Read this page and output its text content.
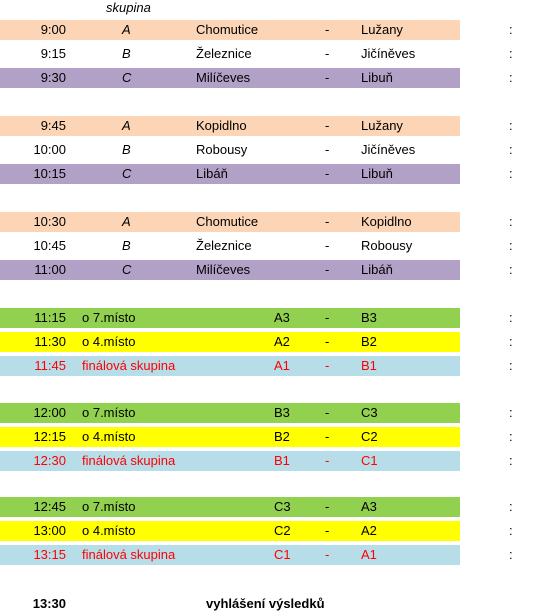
skupina
9:00	A	Chomutice	- Lužany	:
9:15	B	Železnice	- Jičíněves	:
9:30	C	Milíčeves	- Libuň	:
9:45	A	Kopidlno	- Lužany	:
10:00	B	Robousy	- Jičíněves	:
10:15	C	Libáň	- Libuň	:
10:30	A	Chomutice	- Kopidlno	:
10:45	B	Železnice	- Robousy	:
11:00	C	Milíčeves	- Libáň	:
11:15 o 7.místo	A3	- B3	:
11:30 o 4.místo	A2	- B2	:
11:45 finálová skupina	A1	- B1	:
12:00 o 7.místo	B3	- C3	:
12:15 o 4.místo	B2	- C2	:
12:30 finálová skupina	B1	- C1	:
12:45 o 7.místo	C3	- A3	:
13:00 o 4.místo	C2	- A2	:
13:15 finálová skupina	C1	- A1	:
13:30	vyhlášení výsledků
